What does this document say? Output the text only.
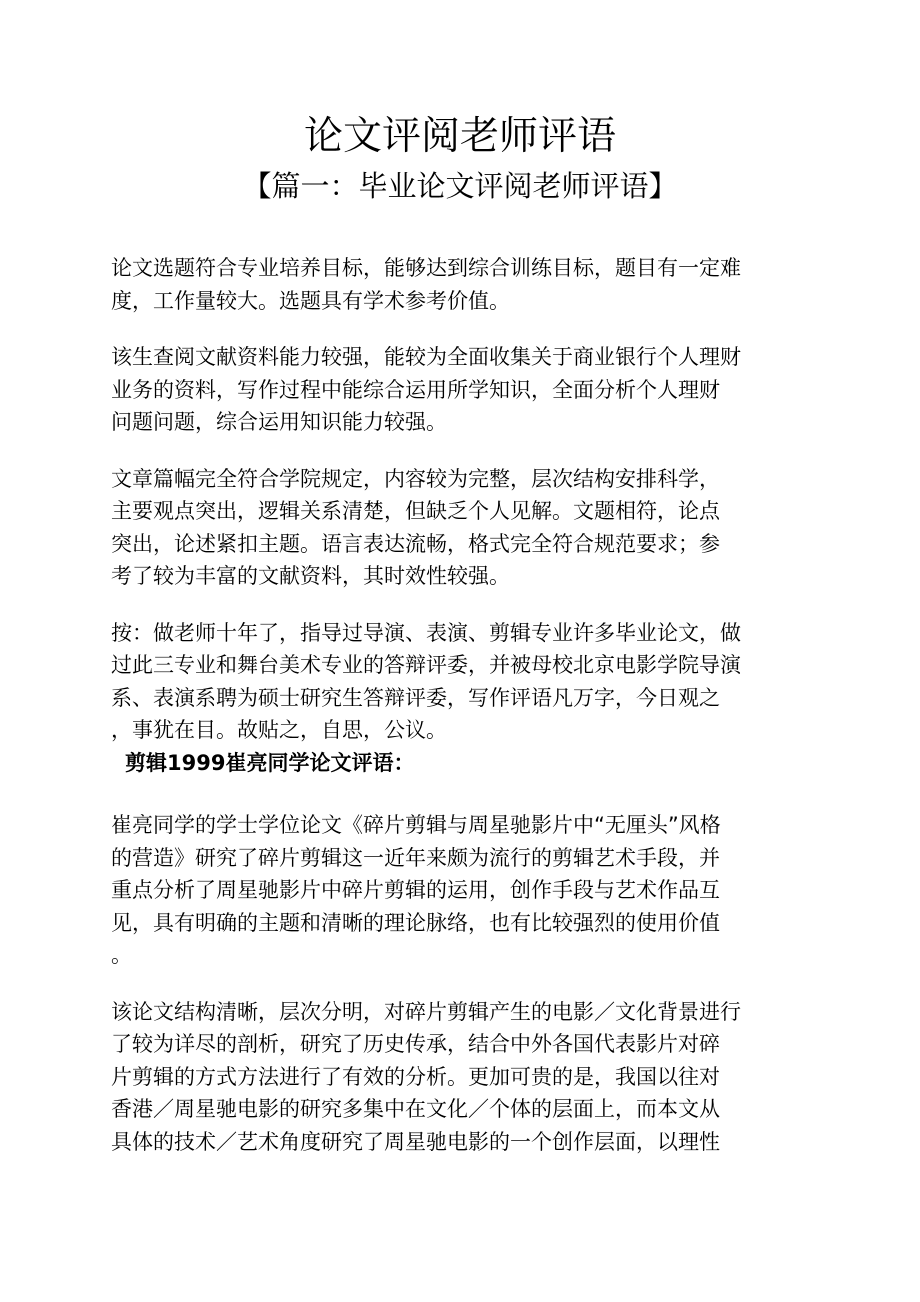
论文评阅老师评语
【篇一：毕业论文评阅老师评语】
论文选题符合专业培养目标，能够达到综合训练目标，题目有一定难
度，工作量较大。选题具有学术参考价值。
该生查阅文献资料能力较强，能较为全面收集关于商业银行个人理财
业务的资料，写作过程中能综合运用所学知识，全面分析个人理财
问题问题，综合运用知识能力较强。
文章篇幅完全符合学院规定，内容较为完整，层次结构安排科学，
主要观点突出，逻辑关系清楚，但缺乏个人见解。文题相符，论点
突出，论述紧扣主题。语言表达流畅，格式完全符合规范要求；参
考了较为丰富的文献资料，其时效性较强。
按：做老师十年了，指导过导演、表演、剪辑专业许多毕业论文，做
过此三专业和舞台美术专业的答辩评委，并被母校北京电影学院导演
系、表演系聘为硕士研究生答辩评委，写作评语凡万字，今日观之
，事犹在目。故贴之，自思，公议。
剪辑1999崔亮同学论文评语：
崔亮同学的学士学位论文《碎片剪辑与周星驰影片中“无厘头”风格
的营造》研究了碎片剪辑这一近年来颇为流行的剪辑艺术手段，并
重点分析了周星驰影片中碎片剪辑的运用，创作手段与艺术作品互
见，具有明确的主题和清晰的理论脉络，也有比较强烈的使用价值
。
该论文结构清晰，层次分明，对碎片剪辑产生的电影／文化背景进行
了较为详尽的剖析，研究了历史传承，结合中外各国代表影片对碎
片剪辑的方式方法进行了有效的分析。更加可贵的是，我国以往对
香港／周星驰电影的研究多集中在文化／个体的层面上，而本文从
具体的技术／艺术角度研究了周星驰电影的一个创作层面，以理性
